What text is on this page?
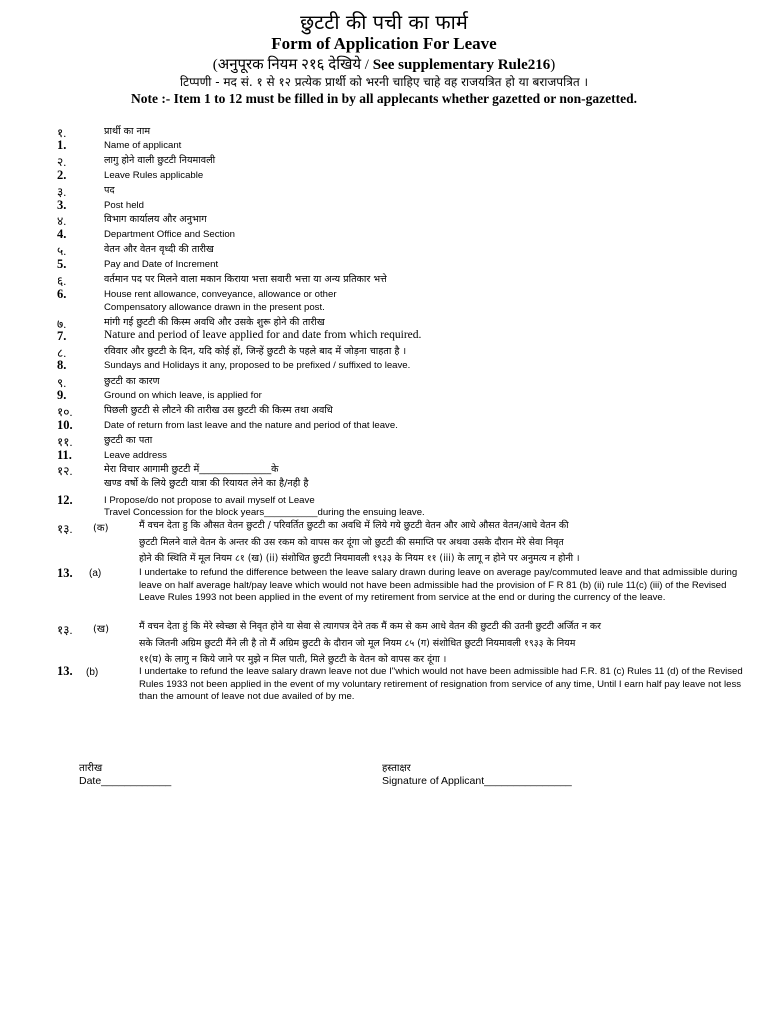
छुटटी की पची का फार्म
Form of Application For Leave
(अनुपूरक नियम २१६ देखिये / See supplementary Rule216)
टिप्पणी - मद सं. १ से १२ प्रत्येक प्रार्थी को भरनी चाहिए चाहे वह राजयत्रित हो या बराजपत्रित ।
Note :- Item 1 to 12 must be filled in by all applecants whether gazetted or non-gazetted.
१.	प्रार्थी का नाम
1.	Name of applicant
२.	लागु होने वाली छुटटी नियमावली
2.	Leave Rules applicable
३.	पद
3.	Post held
४.	विभाग कार्यालय और अनुभाग
4.	Department Office and Section
५.	वेतन और वेतन वृध्दी की तारीख
5.	Pay and Date of Increment
६.	वर्तमान पद पर मिलने वाला मकान किराया भत्ता सवारी भत्ता या अन्य प्रतिकार भत्ते
6.	House rent allowance, conveyance, allowance or other
Compensatory allowance drawn in the present post.
७.	मांगी गई छुटटी की किस्म अवधि और उसके शुरू होने की तारीख
7.	Nature and period of leave applied for and date from which required.
८.	रविवार और छुटटी के दिन, यदि कोई हों, जिन्हें छुटटी के पहले बाद में जोड़ना चाहता है ।
8.	Sundays and Holidays it any, proposed to be prefixed / suffixed to leave.
९.	छुटटी का कारण
9.	Ground on which leave, is applied for
१०.	पिछली छुटटी से लौटने की तारीख उस छुटटी की किस्म तथा अवधि
10.	Date of return from last leave and the nature and period of that leave.
११.	छुटटी का पता
11.	Leave address
१२.	मेरा विचार आगामी छुटटी में_______________के
खण्ड वर्षो के लिये छुटटी यात्रा की रियायत लेने का है/नही है
12.	I Propose/do not propose to avail myself ot Leave
Travel Concession for the block years__________during the ensuing leave.
१३. (क)	मैं वचन देता हु कि औसत वेतन छुटटी / परिवर्तित छुटटी का अवधि में लिये गये छुटटी वेतन और आधे औसत वेतन/आधे वेतन की
छुटटी मिलने वाले वेतन के अन्तर की उस रकम को वापस कर दूंगा जो छुटटी की समाप्ति पर अथवा उसके दौरान मेरे सेवा निवृत
होने की स्थिति में मूल नियम ८१ (ख) (ii) संशोधित छुटटी नियमावली १९३३ के नियम ११ (iii) के लागू न होने पर अनुमत्य न होनी ।
13. (a)	I undertake to refund the difference between the leave salary drawn during leave on average pay/commuted leave and that admissible during leave on half average halt/pay leave which would not have been admissible had the provision of F R 81 (b) (ii) rule 11(c) (iii) of the Revised Leave Rules 1993 not been applied in the event of my retirement from service at the end or during the currency of the leave.
१३. (ख)	मैं वचन देता हुं कि मेरे स्वेच्छा से निवृत होने या सेवा से त्यागपत्र देने तक मैं कम से कम आधे वेतन की छुटटी की उतनी छुटटी अर्जित न कर
सके जितनी अग्रिम छुटटी मैंने ली है तो मैं अग्रिम छुटटी के दौरान जो मूल नियम ८५ (ग) संशोधित छुटटी नियमावली १९३३ के नियम
११(घ) के लागु न किये जाने पर मुझे न मिल पाती, मिले छुटटी के वेतन को वापस कर दूंगा ।
13. (b)	I undertake to refund the leave salary drawn leave not due I"which would not have been admissible had F.R. 81 (c) Rules 11 (d) of the Revised Rules 1933 not been applied in the event of my voluntary retirement of resignation from service of any time, Until I earn half pay leave not less than the amount of leave not due availed of by me.
तारीख
Date____________
हस्ताक्षर
Signature of Applicant_______________
